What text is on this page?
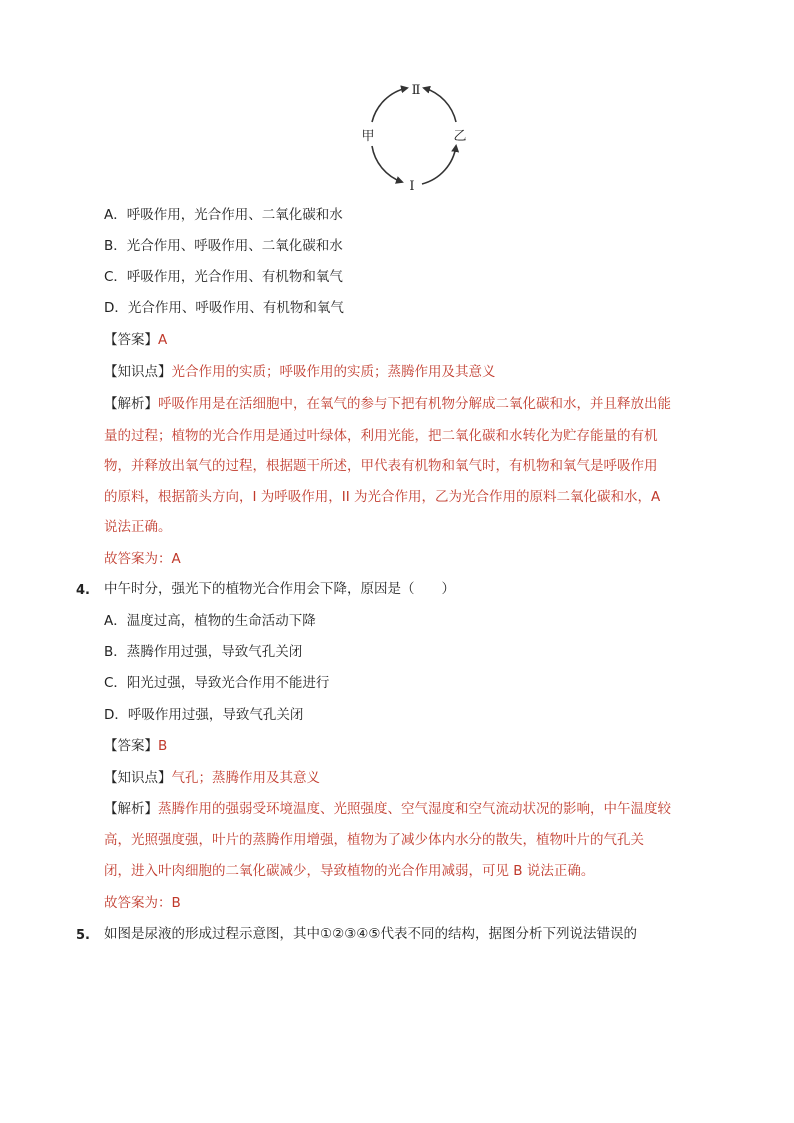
Ⅱ
甲	乙
Ⅰ
A．呼吸作用，光合作用、二氧化碳和水
B．光合作用、呼吸作用、二氧化碳和水
C．呼吸作用，光合作用、有机物和氧气
D．光合作用、呼吸作用、有机物和氧气
【答案】A
【知识点】光合作用的实质；呼吸作用的实质；蒸腾作用及其意义
【解析】呼吸作用是在活细胞中，在氧气的参与下把有机物分解成二氧化碳和水，并且释放出能
量的过程；植物的光合作用是通过叶绿体，利用光能，把二氧化碳和水转化为贮存能量的有机
物，并释放出氧气的过程，根据题干所述，甲代表有机物和氧气时，有机物和氧气是呼吸作用
的原料，根据箭头方向，I 为呼吸作用，II 为光合作用，乙为光合作用的原料二氧化碳和水，A
说法正确。
故答案为：A
4. 中午时分，强光下的植物光合作用会下降，原因是（　　）
A．温度过高，植物的生命活动下降
B．蒸腾作用过强，导致气孔关闭
C．阳光过强，导致光合作用不能进行
D．呼吸作用过强，导致气孔关闭
【答案】B
【知识点】气孔；蒸腾作用及其意义
【解析】蒸腾作用的强弱受环境温度、光照强度、空气湿度和空气流动状况的影响，中午温度较
高，光照强度强，叶片的蒸腾作用增强，植物为了减少体内水分的散失，植物叶片的气孔关
闭，进入叶肉细胞的二氧化碳减少，导致植物的光合作用减弱，可见 B 说法正确。
故答案为：B
5. 如图是尿液的形成过程示意图，其中①②③④⑤代表不同的结构，据图分析下列说法错误的
